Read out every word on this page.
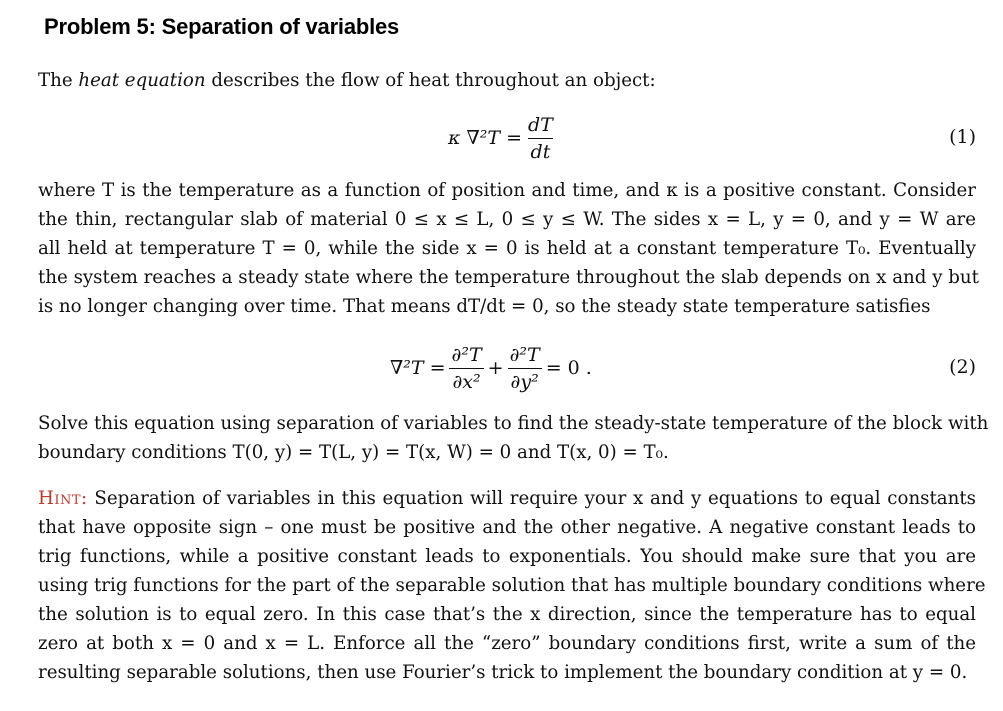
Problem 5: Separation of variables

The heat equation describes the flow of heat throughout an object:

κ $\nabla^2T = \frac{dT}{dt}$	(1)
where T is the temperature as a function of position and time, and κ is a positive constant. Consider
the thin, rectangular slab of material 0 ≤ x ≤ L, 0 ≤ y ≤ W. The sides x = L, y = 0, and y = W are
all held at temperature T = 0, while the side x = 0 is held at a constant temperature T₀. Eventually
the system reaches a steady state where the temperature throughout the slab depends on x and y but
is no longer changing over time. That means dT/dt = 0, so the steady state temperature satisfies
$\nabla^2T = \frac{\text{∂²T}}{\text{∂x²}} + \frac{\text{∂²T}}{\text{∂y²}} = 0$ .	(2)
Solve this equation using separation of variables to find the steady-state temperature of the block with
boundary conditions T(0, y) = T(L, y) = T(x, W) = 0 and T(x, 0) = T₀.
Hint: Separation of variables in this equation will require your x and y equations to equal constants
that have opposite sign – one must be positive and the other negative. A negative constant leads to
trig functions, while a positive constant leads to exponentials. You should make sure that you are
using trig functions for the part of the separable solution that has multiple boundary conditions where
the solution is to equal zero. In this case that’s the x direction, since the temperature has to equal
zero at both x = 0 and x = L. Enforce all the “zero” boundary conditions first, write a sum of the
resulting separable solutions, then use Fourier’s trick to implement the boundary condition at y = 0.
